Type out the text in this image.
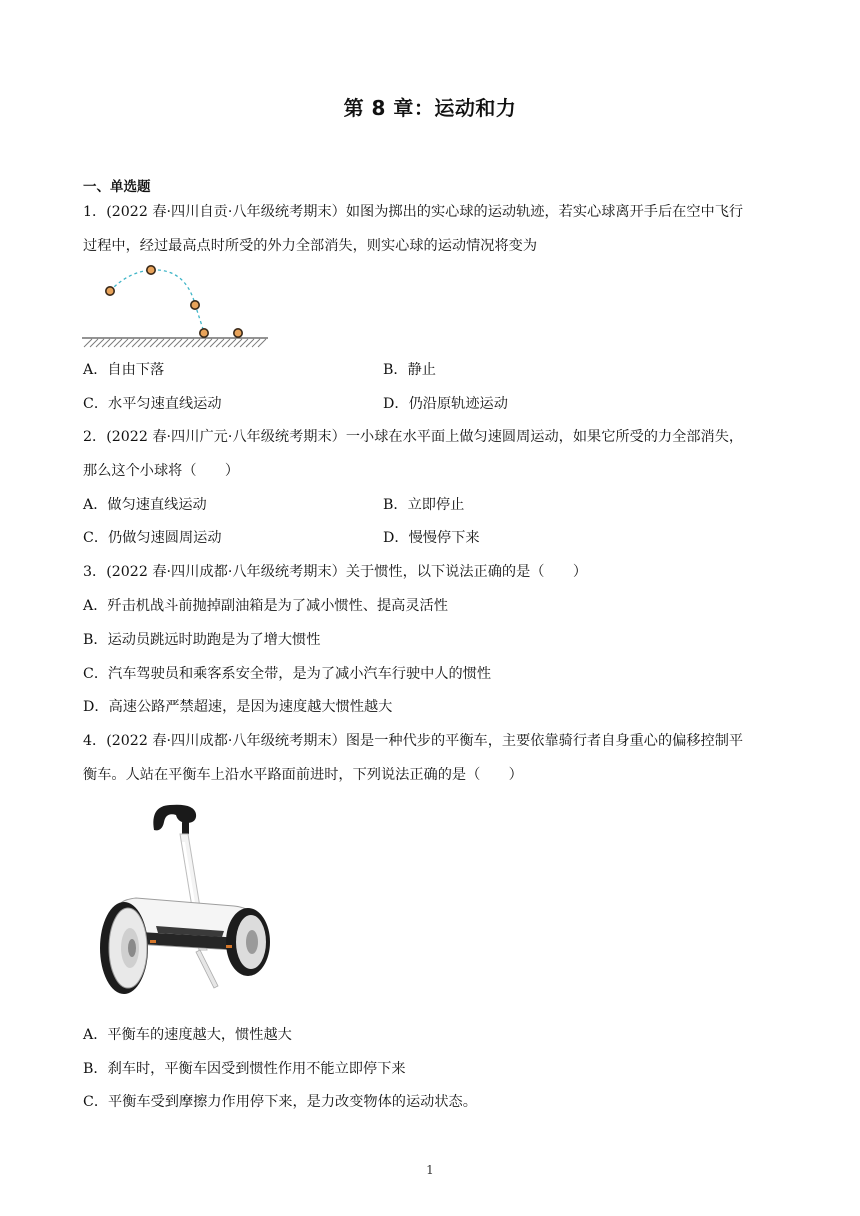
第 8 章：运动和力
一、单选题
1．(2022 春·四川自贡·八年级统考期末）如图为掷出的实心球的运动轨迹，若实心球离开手后在空中飞行
过程中，经过最高点时所受的外力全部消失，则实心球的运动情况将变为
A．自由下落	B．静止
C．水平匀速直线运动	D．仍沿原轨迹运动
2．(2022 春·四川广元·八年级统考期末）一小球在水平面上做匀速圆周运动，如果它所受的力全部消失，
那么这个小球将（　　）
A．做匀速直线运动	B．立即停止
C．仍做匀速圆周运动	D．慢慢停下来
3．(2022 春·四川成都·八年级统考期末）关于惯性，以下说法正确的是（　　）
A．歼击机战斗前抛掉副油箱是为了减小惯性、提高灵活性
B．运动员跳远时助跑是为了增大惯性
C．汽车驾驶员和乘客系安全带，是为了减小汽车行驶中人的惯性
D．高速公路严禁超速，是因为速度越大惯性越大
4．(2022 春·四川成都·八年级统考期末）图是一种代步的平衡车，主要依靠骑行者自身重心的偏移控制平
衡车。人站在平衡车上沿水平路面前进时，下列说法正确的是（　　）
A．平衡车的速度越大，惯性越大
B．刹车时，平衡车因受到惯性作用不能立即停下来
C．平衡车受到摩擦力作用停下来，是力改变物体的运动状态。
1
